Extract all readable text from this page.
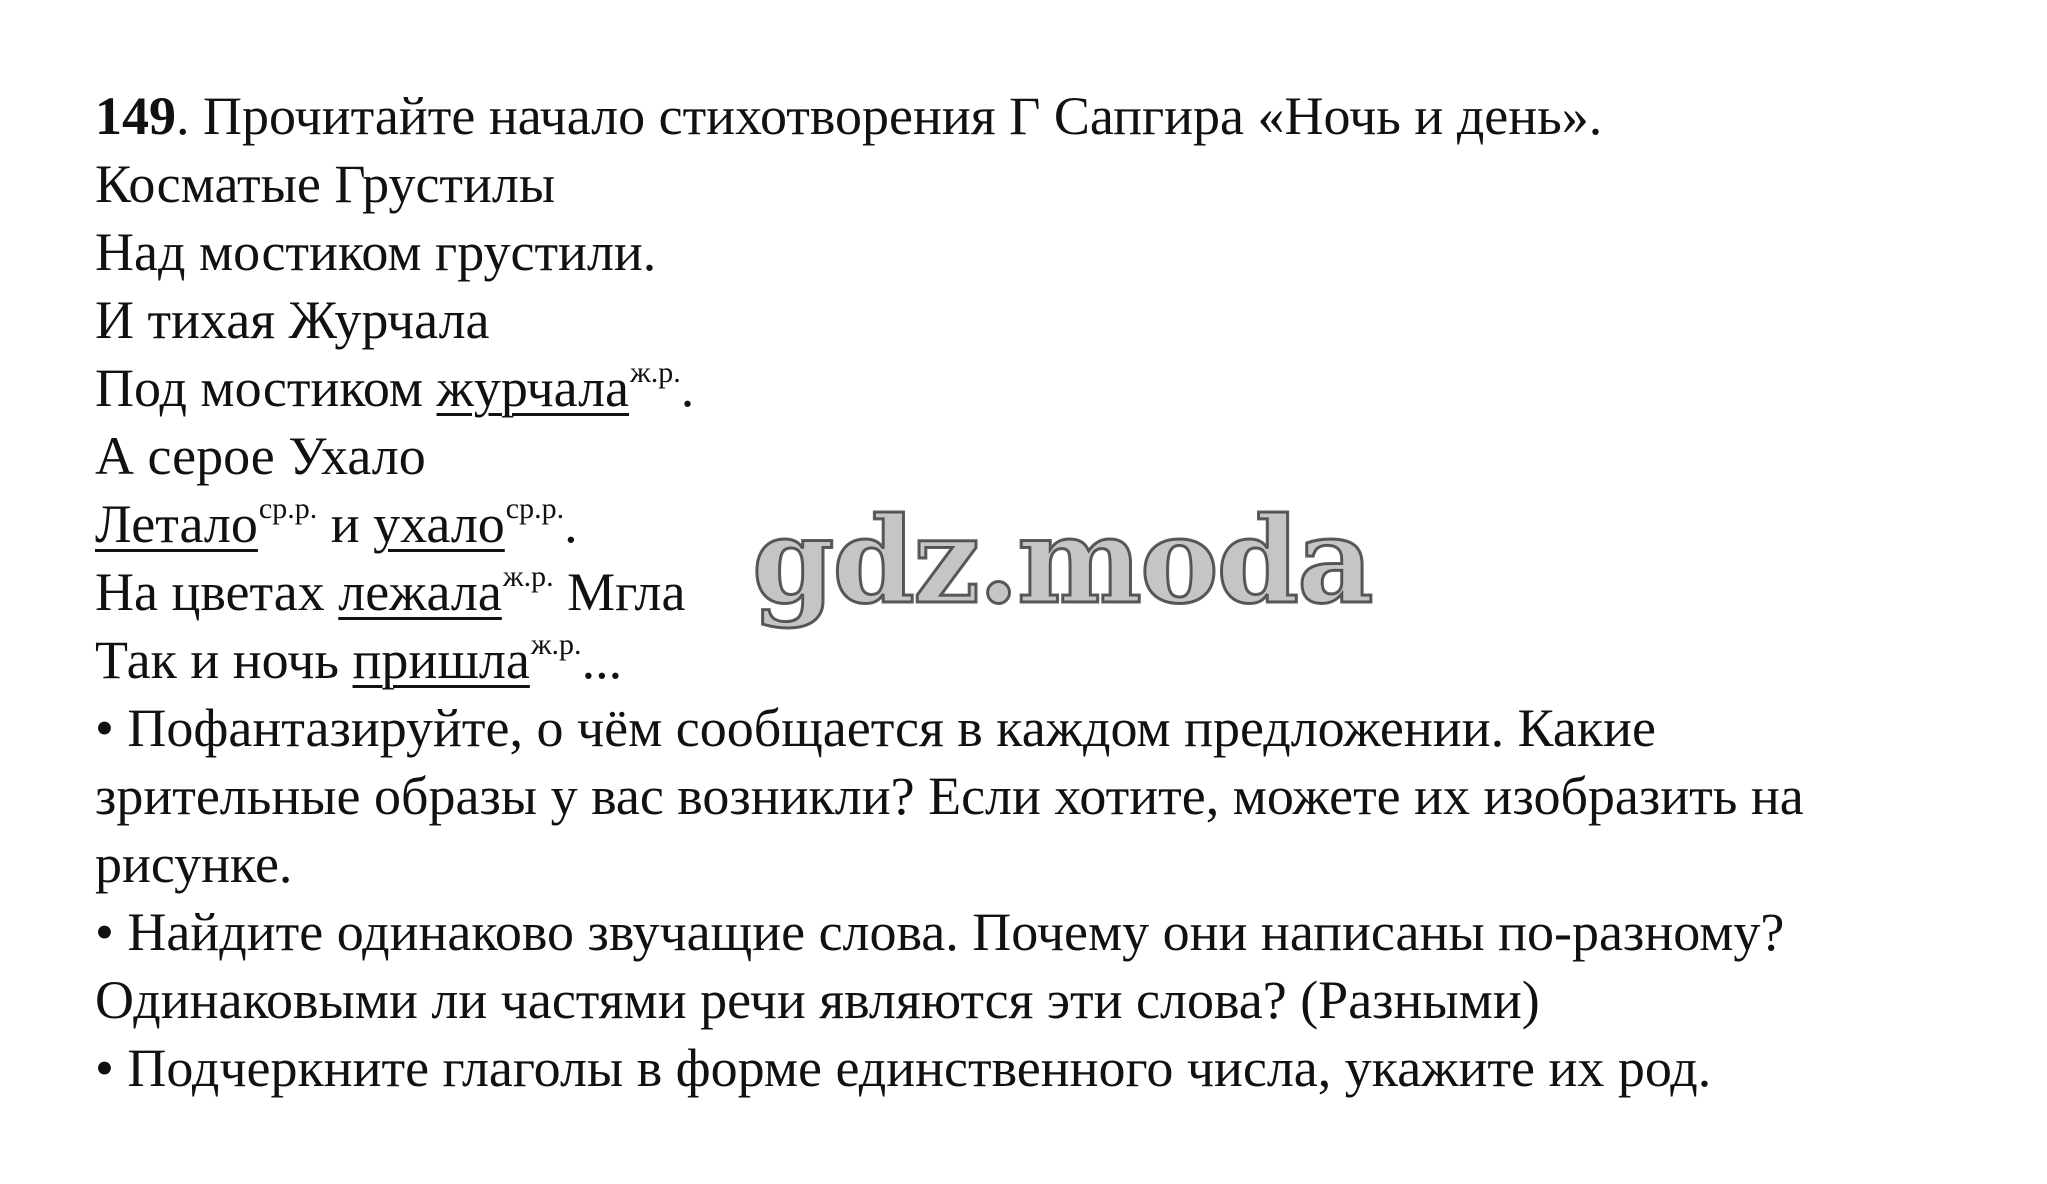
149. Прочитайте начало стихотворения Г Сапгира «Ночь и день».
Косматые Грустилы
Над мостиком грустили.
И тихая Журчала
Под мостиком журчала$^{ж.р.}$.
А серое Ухало
Летало$^{ср.р.}$ и ухало$^{ср.р.}$.
На цветах лежала$^{ж.р.}$ Мгла
Так и ночь пришла$^{ж.р.}$...
• Пофантазируйте, о чём сообщается в каждом предложении. Какие
зрительные образы у вас возникли? Если хотите, можете их изобразить на
рисунке.
• Найдите одинаково звучащие слова. Почему они написаны по-разному?
Одинаковыми ли частями речи являются эти слова? (Разными)
• Подчеркните глаголы в форме единственного числа, укажите их род.
gdz.moda
